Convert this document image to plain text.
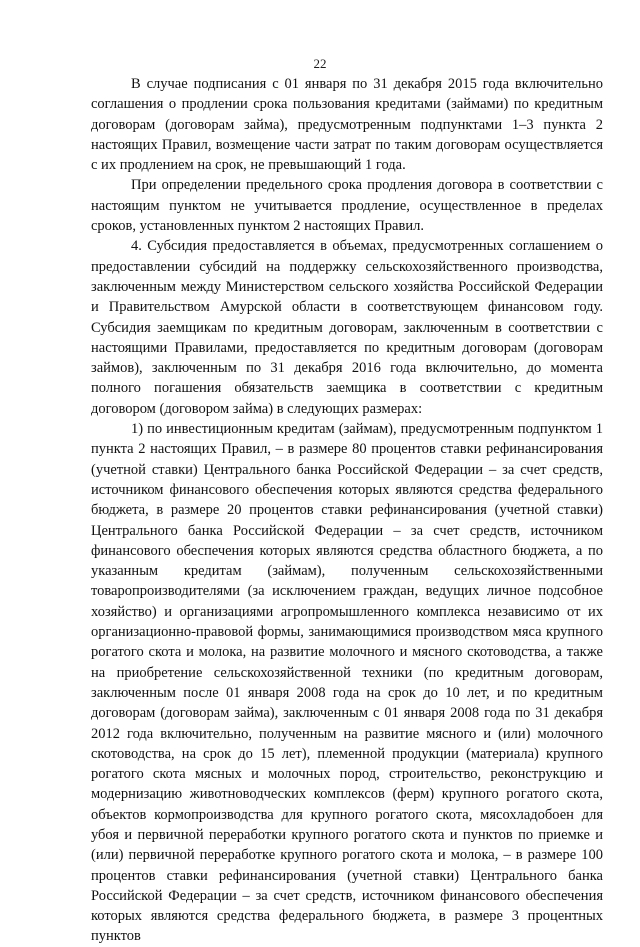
22

В случае подписания с 01 января по 31 декабря 2015 года включительно соглашения о продлении срока пользования кредитами (займами) по кредитным договорам (договорам займа), предусмотренным подпунктами 1–3 пункта 2 настоящих Правил, возмещение части затрат по таким договорам осуществляется с их продлением на срок, не превышающий 1 года.

При определении предельного срока продления договора в соответствии с настоящим пунктом не учитывается продление, осуществленное в пределах сроков, установленных пунктом 2 настоящих Правил.

4. Субсидия предоставляется в объемах, предусмотренных соглашением о предоставлении субсидий на поддержку сельскохозяйственного производства, заключенным между Министерством сельского хозяйства Российской Федерации и Правительством Амурской области в соответствующем финансовом году. Субсидия заемщикам по кредитным договорам, заключенным в соответствии с настоящими Правилами, предоставляется по кредитным договорам (договорам займов), заключенным по 31 декабря 2016 года включительно, до момента полного погашения обязательств заемщика в соответствии с кредитным договором (договором займа) в следующих размерах:

1) по инвестиционным кредитам (займам), предусмотренным подпунктом 1 пункта 2 настоящих Правил, – в размере 80 процентов ставки рефинансирования (учетной ставки) Центрального банка Российской Федерации – за счет средств, источником финансового обеспечения которых являются средства федерального бюджета, в размере 20 процентов ставки рефинансирования (учетной ставки) Центрального банка Российской Федерации – за счет средств, источником финансового обеспечения которых являются средства областного бюджета, а по указанным кредитам (займам), полученным сельскохозяйственными товаропроизводителями (за исключением граждан, ведущих личное подсобное хозяйство) и организациями агропромышленного комплекса независимо от их организационно-правовой формы, занимающимися производством мяса крупного рогатого скота и молока, на развитие молочного и мясного скотоводства, а также на приобретение сельскохозяйственной техники (по кредитным договорам, заключенным после 01 января 2008 года на срок до 10 лет, и по кредитным договорам (договорам займа), заключенным с 01 января 2008 года по 31 декабря 2012 года включительно, полученным на развитие мясного и (или) молочного скотоводства, на срок до 15 лет), племенной продукции (материала) крупного рогатого скота мясных и молочных пород, строительство, реконструкцию и модернизацию животноводческих комплексов (ферм) крупного рогатого скота, объектов кормопроизводства для крупного рогатого скота, мясохладобоен для убоя и первичной переработки крупного рогатого скота и пунктов по приемке и (или) первичной переработке крупного рогатого скота и молока, – в размере 100 процентов ставки рефинансирования (учетной ставки) Центрального банка Российской Федерации – за счет средств, источником финансового обеспечения которых являются средства федерального бюджета, в размере 3 процентных пунктов
